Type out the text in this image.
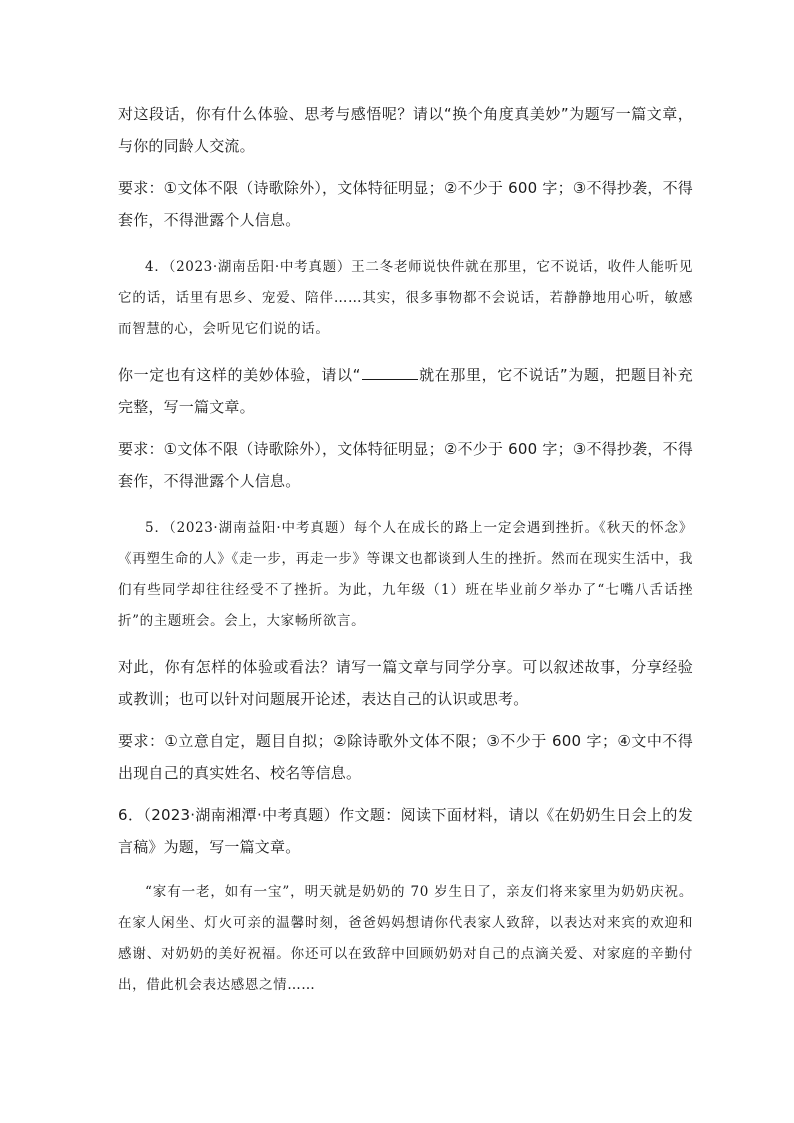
对这段话，你有什么体验、思考与感悟呢？请以“换个角度真美妙”为题写一篇文章，与你的同龄人交流。

要求：①文体不限（诗歌除外），文体特征明显；②不少于 600 字；③不得抄袭，不得套作，不得泄露个人信息。

4．（2023·湖南岳阳·中考真题）王二冬老师说快件就在那里，它不说话，收件人能听见它的话，话里有思乡、宠爱、陪伴……其实，很多事物都不会说话，若静静地用心听，敏感而智慧的心，会听见它们说的话。

你一定也有这样的美妙体验，请以“	就在那里，它不说话”为题，把题目补充完整，写一篇文章。

要求：①文体不限（诗歌除外），文体特征明显；②不少于 600 字；③不得抄袭，不得套作，不得泄露个人信息。

5．（2023·湖南益阳·中考真题）每个人在成长的路上一定会遇到挫折。《秋天的怀念》《再塑生命的人》《走一步，再走一步》等课文也都谈到人生的挫折。然而在现实生活中，我们有些同学却往往经受不了挫折。为此，九年级（1）班在毕业前夕举办了“七嘴八舌话挫折”的主题班会。会上，大家畅所欲言。

对此，你有怎样的体验或看法？请写一篇文章与同学分享。可以叙述故事，分享经验或教训；也可以针对问题展开论述，表达自己的认识或思考。

要求：①立意自定，题目自拟；②除诗歌外文体不限；③不少于 600 字；④文中不得出现自己的真实姓名、校名等信息。

6．（2023·湖南湘潭·中考真题）作文题：阅读下面材料，请以《在奶奶生日会上的发言稿》为题，写一篇文章。

“家有一老，如有一宝”，明天就是奶奶的 70 岁生日了，亲友们将来家里为奶奶庆祝。在家人闲坐、灯火可亲的温馨时刻，爸爸妈妈想请你代表家人致辞，以表达对来宾的欢迎和感谢、对奶奶的美好祝福。你还可以在致辞中回顾奶奶对自己的点滴关爱、对家庭的辛勤付出，借此机会表达感恩之情……
